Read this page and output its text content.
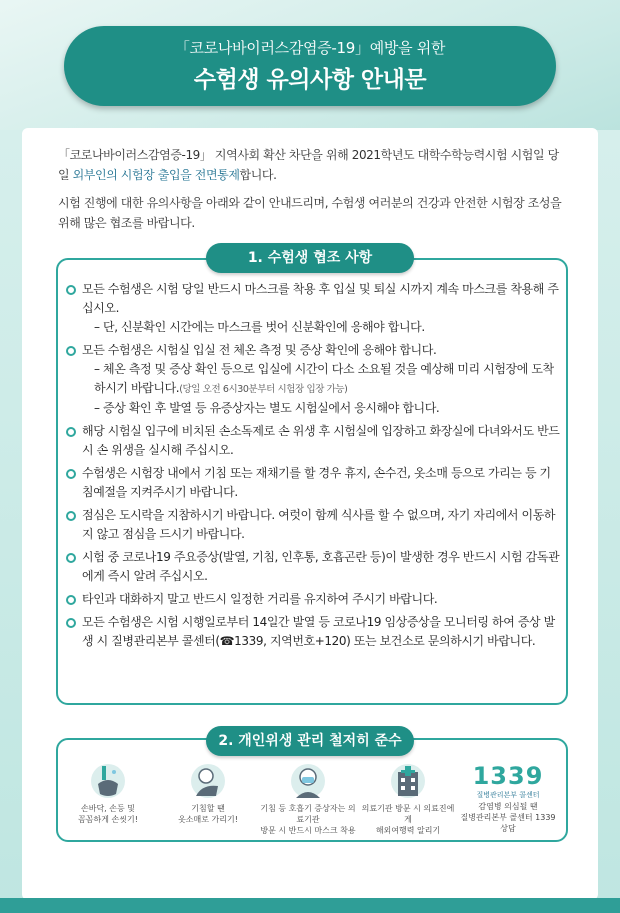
「코로나바이러스감염증-19」예방을 위한
수험생 유의사항 안내문

「코로나바이러스감염증-19」 지역사회 확산 차단을 위해 2021학년도 대학수학능력시험 시험일 당일 외부인의 시험장 출입을 전면통제합니다.

시험 진행에 대한 유의사항을 아래와 같이 안내드리며, 수험생 여러분의 건강과 안전한 시험장 조성을 위해 많은 협조를 바랍니다.

1. 수험생 협조 사항
모든 수험생은 시험 당일 반드시 마스크를 착용 후 입실 및 퇴실 시까지 계속 마스크를 착용해 주십시오.
– 단, 신분확인 시간에는 마스크를 벗어 신분확인에 응해야 합니다.
모든 수험생은 시험실 입실 전 체온 측정 및 증상 확인에 응해야 합니다.
– 체온 측정 및 증상 확인 등으로 입실에 시간이 다소 소요될 것을 예상해 미리 시험장에 도착하시기 바랍니다.(당일 오전 6시30분부터 시험장 입장 가능)
– 증상 확인 후 발열 등 유증상자는 별도 시험실에서 응시해야 합니다.
해당 시험실 입구에 비치된 손소독제로 손 위생 후 시험실에 입장하고 화장실에 다녀와서도 반드시 손 위생을 실시해 주십시오.
수험생은 시험장 내에서 기침 또는 재채기를 할 경우 휴지, 손수건, 옷소매 등으로 가리는 등 기침예절을 지켜주시기 바랍니다.
점심은 도시락을 지참하시기 바랍니다. 여럿이 함께 식사를 할 수 없으며, 자기 자리에서 이동하지 않고 점심을 드시기 바랍니다.
시험 중 코로나19 주요증상(발열, 기침, 인후통, 호흡곤란 등)이 발생한 경우 반드시 시험 감독관에게 즉시 알려 주십시오.
타인과 대화하지 말고 반드시 일정한 거리를 유지하여 주시기 바랍니다.
모든 수험생은 시험 시행일로부터 14일간 발열 등 코로나19 임상증상을 모니터링 하여 증상 발생 시 질병관리본부 콜센터(☎1339, 지역번호+120) 또는 보건소로 문의하시기 바랍니다.
2. 개인위생 관리 철저히 준수
손바닥, 손등 및
꼼꼼하게 손씻기!
기침할 땐
옷소매로 가리기!
기침 등 호흡기 증상자는 의료기관
방문 시 반드시 마스크 착용
의료기관 방문 시 의료진에게
해외여행력 알리기
1339
질병관리본부 콜센터
감염병 의심될 땐
질병관리본부 콜센터 1339 상담
